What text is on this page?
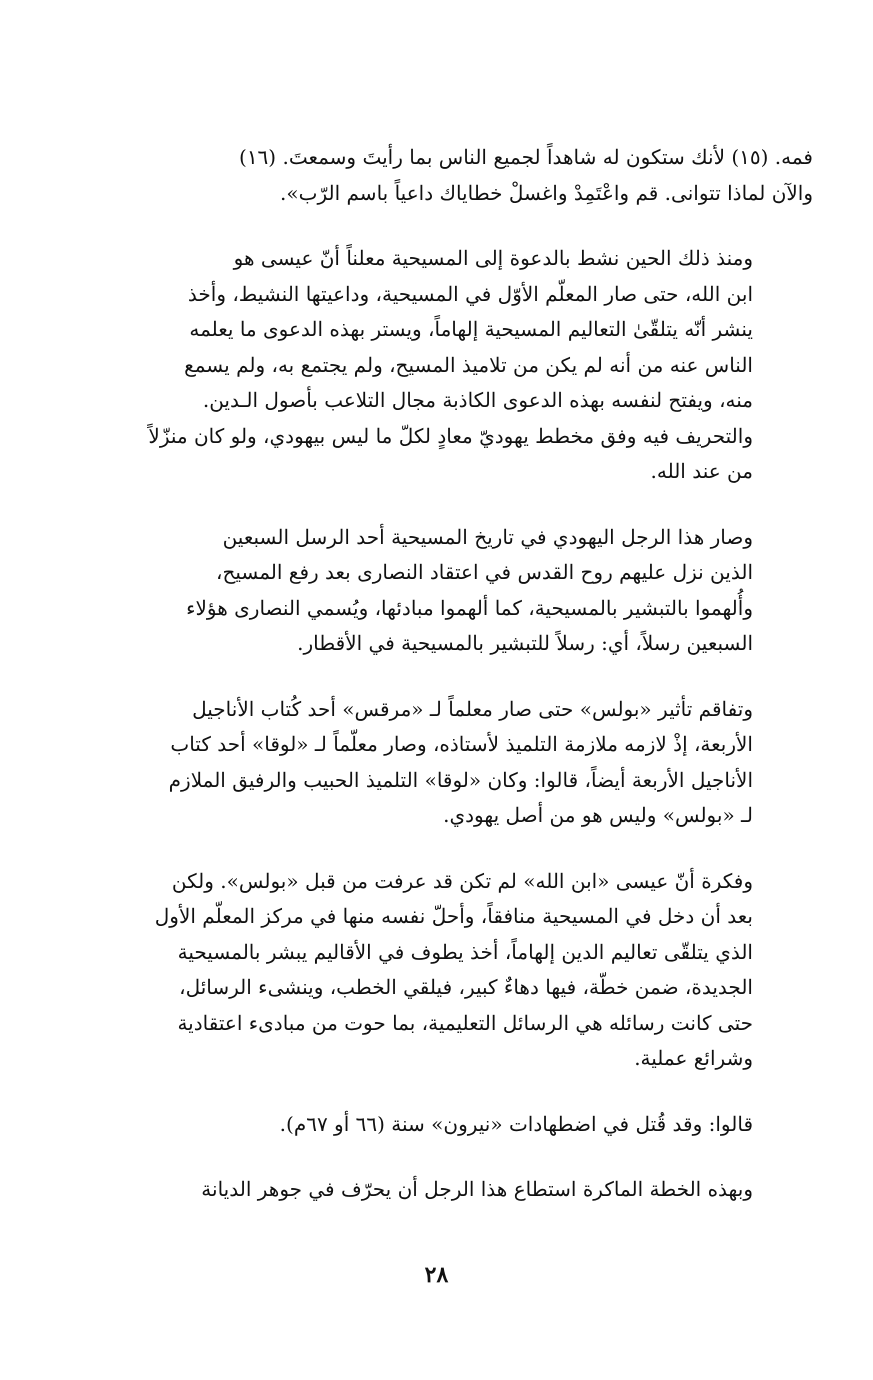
فمه. (١٥) لأنك ستكون له شاهداً لجميع الناس بما رأيتَ وسمعتَ. (١٦)
والآن لماذا تتوانى. قم واعْتَمِدْ واغسلْ خطاياك داعياً باسم الرّب».

ومنذ ذلك الحين نشط بالدعوة إلى المسيحية معلناً أنّ عيسى هو
ابن الله، حتى صار المعلّم الأوّل في المسيحية، وداعيتها النشيط، وأخذ
ينشر أنّه يتلقّىٰ التعاليم المسيحية إلهاماً، ويستر بهذه الدعوى ما يعلمه
الناس عنه من أنه لم يكن من تلاميذ المسيح، ولم يجتمع به، ولم يسمع
منه، ويفتح لنفسه بهذه الدعوى الكاذبة مجال التلاعب بأصول الـدين.
والتحريف فيه وفق مخطط يهوديّ معادٍ لكلّ ما ليس بيهودي، ولو كان منزّلاً
من عند الله.

وصار هذا الرجل اليهودي في تاريخ المسيحية أحد الرسل السبعين
الذين نزل عليهم روح القدس في اعتقاد النصارى بعد رفع المسيح،
وأُلهموا بالتبشير بالمسيحية، كما ألهموا مبادئها، ويُسمي النصارى هؤلاء
السبعين رسلاً، أي: رسلاً للتبشير بالمسيحية في الأقطار.

وتفاقم تأثير «بولس» حتى صار معلماً لـ «مرقس» أحد كُتاب الأناجيل
الأربعة، إذْ لازمه ملازمة التلميذ لأستاذه، وصار معلّماً لـ «لوقا» أحد كتاب
الأناجيل الأربعة أيضاً، قالوا: وكان «لوقا» التلميذ الحبيب والرفيق الملازم
لـ «بولس» وليس هو من أصل يهودي.

وفكرة أنّ عيسى «ابن الله» لم تكن قد عرفت من قبل «بولس». ولكن
بعد أن دخل في المسيحية منافقاً، وأحلّ نفسه منها في مركز المعلّم الأول
الذي يتلقّى تعاليم الدين إلهاماً، أخذ يطوف في الأقاليم يبشر بالمسيحية
الجديدة، ضمن خطّة، فيها دهاءٌ كبير، فيلقي الخطب، وينشىء الرسائل،
حتى كانت رسائله هي الرسائل التعليمية، بما حوت من مبادىء اعتقادية
وشرائع عملية.

قالوا: وقد قُتل في اضطهادات «نيرون» سنة (٦٦ أو ٦٧م).

وبهذه الخطة الماكرة استطاع هذا الرجل أن يحرّف في جوهر الديانة

٢٨
